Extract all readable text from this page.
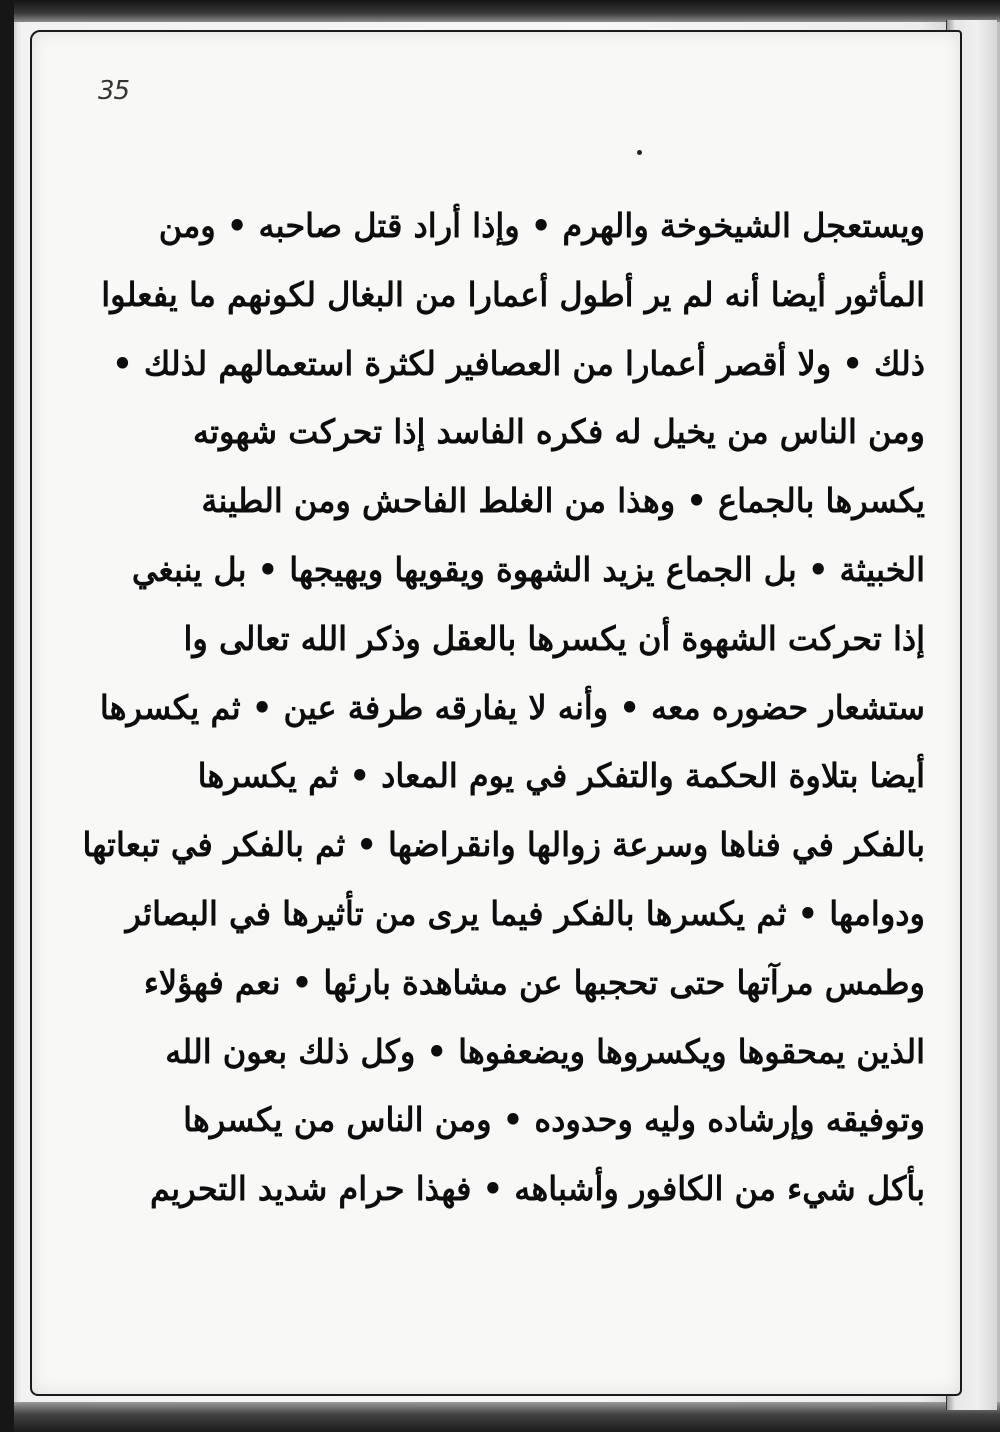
35
ويستعجل الشيخوخة والهرم • وإذا أراد قتل صاحبه • ومن
المأثور أيضا أنه لم ير أطول أعمارا من البغال لكونهم ما يفعلوا
ذلك • ولا أقصر أعمارا من العصافير لكثرة استعمالهم لذلك •
ومن الناس من يخيل له فكره الفاسد إذا تحركت شهوته
يكسرها بالجماع • وهذا من الغلط الفاحش ومن الطينة
الخبيثة • بل الجماع يزيد الشهوة ويقويها ويهيجها • بل ينبغي
إذا تحركت الشهوة أن يكسرها بالعقل وذكر الله تعالى وا
ستشعار حضوره معه • وأنه لا يفارقه طرفة عين • ثم يكسرها
أيضا بتلاوة الحكمة والتفكر في يوم المعاد • ثم يكسرها
بالفكر في فناها وسرعة زوالها وانقراضها • ثم بالفكر في تبعاتها
ودوامها • ثم يكسرها بالفكر فيما يرى من تأثيرها في البصائر
وطمس مرآتها حتى تحجبها عن مشاهدة بارئها • نعم فهؤلاء
الذين يمحقوها ويكسروها ويضعفوها • وكل ذلك بعون الله
وتوفيقه وإرشاده وليه وحدوده • ومن الناس من يكسرها
بأكل شيء من الكافور وأشباهه • فهذا حرام شديد التحريم
